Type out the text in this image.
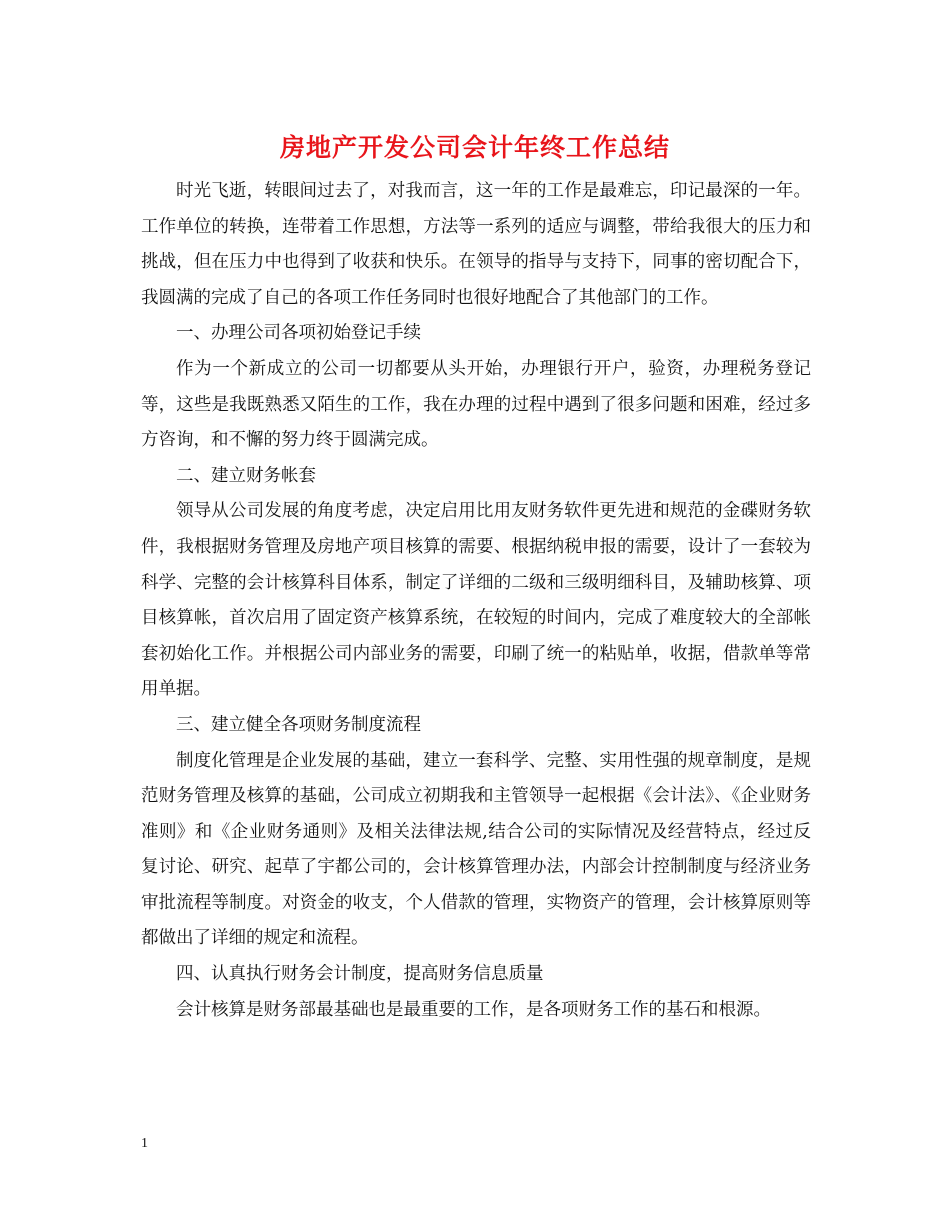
房地产开发公司会计年终工作总结

时光飞逝，转眼间过去了，对我而言，这一年的工作是最难忘，印记最深的一年。工作单位的转换，连带着工作思想，方法等一系列的适应与调整，带给我很大的压力和挑战，但在压力中也得到了收获和快乐。在领导的指导与支持下，同事的密切配合下，我圆满的完成了自己的各项工作任务同时也很好地配合了其他部门的工作。

一、办理公司各项初始登记手续

作为一个新成立的公司一切都要从头开始，办理银行开户，验资，办理税务登记等，这些是我既熟悉又陌生的工作，我在办理的过程中遇到了很多问题和困难，经过多方咨询，和不懈的努力终于圆满完成。

二、建立财务帐套

领导从公司发展的角度考虑，决定启用比用友财务软件更先进和规范的金碟财务软件，我根据财务管理及房地产项目核算的需要、根据纳税申报的需要，设计了一套较为科学、完整的会计核算科目体系，制定了详细的二级和三级明细科目，及辅助核算、项目核算帐，首次启用了固定资产核算系统，在较短的时间内，完成了难度较大的全部帐套初始化工作。并根据公司内部业务的需要，印刷了统一的粘贴单，收据，借款单等常用单据。

三、建立健全各项财务制度流程

制度化管理是企业发展的基础，建立一套科学、完整、实用性强的规章制度，是规范财务管理及核算的基础，公司成立初期我和主管领导一起根据《会计法》、《企业财务准则》和《企业财务通则》及相关法律法规,结合公司的实际情况及经营特点，经过反复讨论、研究、起草了宇都公司的，会计核算管理办法，内部会计控制制度与经济业务审批流程等制度。对资金的收支，个人借款的管理，实物资产的管理，会计核算原则等都做出了详细的规定和流程。

四、认真执行财务会计制度，提高财务信息质量

会计核算是财务部最基础也是最重要的工作，是各项财务工作的基石和根源。

1
